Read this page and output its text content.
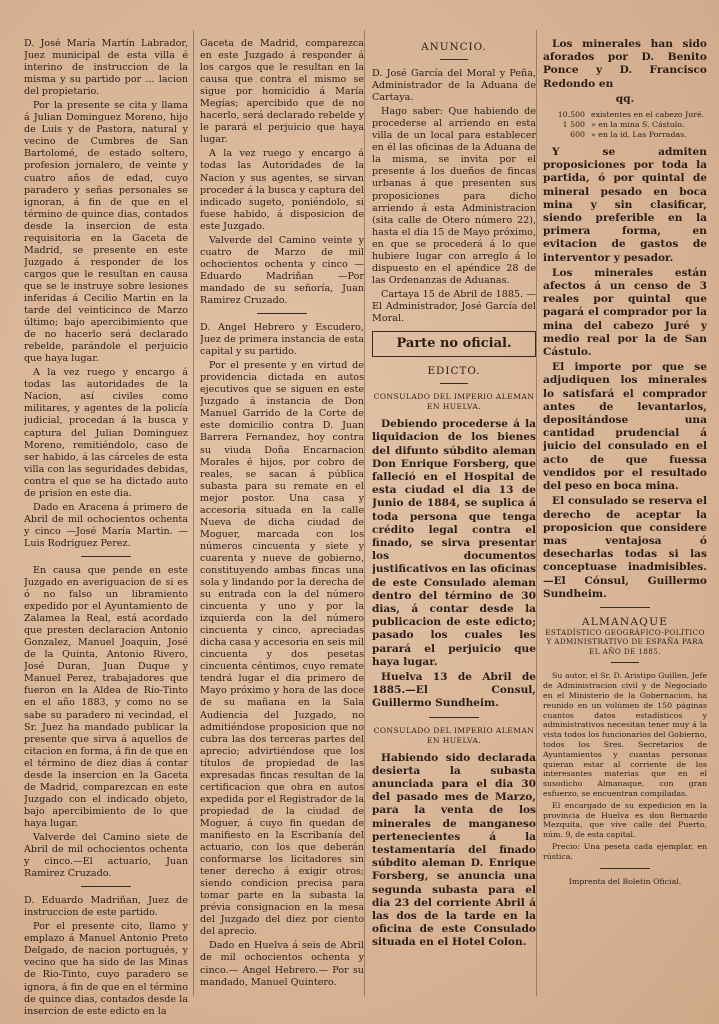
D. José María Martín Labrador, Juez municipal de esta villa é interino de instruccion de la misma y su partido por ... lacion del propietario.

Por la presente se cita y llama á Julian Dominguez Moreno, hijo de Luis y de Pastora, natural y vecino de Cumbres de San Bartolomé, de estado soltero, profesion jornalero, de veinte y cuatro años de edad, cuyo paradero y señas personales se ignoran, á fin de que en el término de quince dias, contados desde la insercion de esta requisitoria en la Gaceta de Madrid, se presente en este Juzgado á responder de los cargos que le resultan en causa que se le instruye sobre lesiones inferidas á Cecilio Martin en la tarde del veinticinco de Marzo último; bajo apercibimiento que de no hacerlo será declarado rebelde, parándole el perjuicio que haya lugar.

A la vez ruego y encargo á todas las autoridades de la Nacion, así civiles como militares, y agentes de la policía judicial, procedan á la busca y captura del Julian Dominguez Moreno, remitiéndolo, caso de ser habido, á las cárceles de esta villa con las seguridades debidas, contra el que se ha dictado auto de prision en este dia.

Dado en Aracena á primero de Abril de mil ochocientos ochenta y cinco —José María Martin. —Luis Rodriguez Perez.

En causa que pende en este Juzgado en averiguacion de si es ó no falso un libramiento expedido por el Ayuntamiento de Zalamea la Real, está acordado que presten declaracion Antonio Gonzalez, Manuel Joaquin, José de la Quinta, Antonio Rivero, José Duran, Juan Duque y Manuel Perez, trabajadores que fueron en la Aldea de Rio-Tinto en el año 1883, y como no se sabe su paradero ni vecindad, el Sr. Juez ha mandado publicar la presente que sirva á aquellos de citacion en forma, á fin de que en el término de diez dias á contar desde la insercion en la Gaceta de Madrid, comparezcan en este Juzgado con el indicado objeto, bajo apercibimiento de lo que haya lugar.

Valverde del Camino siete de Abril de mil ochocientos ochenta y cinco.—El actuario, Juan Ramirez Cruzado.

D. Eduardo Madriñan, Juez de instruccion de este partido.

Por el presente cito, llamo y emplazo á Manuel Antonio Preto Delgado, de nacion portugués, y vecino que ha sido de las Minas de Rio-Tinto, cuyo paradero se ignora, á fin de que en el término de quince dias, contados desde la insercion de este edicto en la

Gaceta de Madrid, comparezca en este Juzgado á responder á los cargos que le resultan en la causa que contra el mismo se sigue por homicidio á María Megías; apercibido que de no hacerlo, será declarado rebelde y le parará el perjuicio que haya lugar.

A la vez ruego y encargo á todas las Autoridades de la Nacion y sus agentes, se sirvan proceder á la busca y captura del indicado sugeto, poniéndolo, si fuese habido, á disposicion de este Juzgado.

Valverde del Camino veinte y cuatro de Marzo de mil ochocientos ochenta y cinco —Eduardo Madriñan —Por mandado de su señoría, Juan Ramirez Cruzado.

D. Angel Hebrero y Escudero, Juez de primera instancia de esta capital y su partido.

Por el presente y en virtud de providencia dictada en autos ejecutivos que se siguen en este Juzgado á instancia de Don Manuel Garrido de la Corte de este domicilio contra D. Juan Barrera Fernandez, hoy contra su viuda Doña Encarnacion Morales é hijos, por cobro de reales, se sacan á pública subasta para su remate en el mejor postor. Una casa y accesoria situada en la calle Nueva de dicha ciudad de Moguer, marcada con los números cincuenta y siete y cuarenta y nueve de gobierno, constituyendo ambas fincas una sola y lindando por la derecha de su entrada con la del número cincuenta y uno y por la izquierda con la del número cincuenta y cinco, apreciadas dicha casa y accesoria en seis mil cincuenta y dos pesetas cincuenta céntimos, cuyo remate tendrá lugar el dia primero de Mayo próximo y hora de las doce de su mañana en la Sala Audiencia del Juzgado, no admitiéndose proposicion que no cubra las dos terceras partes del aprecio; advirtiéndose que los títulos de propiedad de las expresadas fincas resultan de la certificacion que obra en autos expedida por el Registrador de la propiedad de la ciudad de Moguer, á cuyo fin quedan de manifiesto en la Escribanía del actuario, con los que deberán conformarse los licitadores sin tener derecho á exigir otros; siendo condicion precisa para tomar parte en la subasta la prévia consignacion en la mesa del Juzgado del diez por ciento del aprecio.

Dado en Huelva á seis de Abril de mil ochocientos ochenta y cinco.— Angel Hebrero.— Por su mandado, Manuel Quintero.

ANUNCIO.

D. José García del Moral y Peña, Administrador de la Aduana de Cartaya.

Hago saber: Que habiendo de procederse al arriendo en esta villa de un local para establecer en él las oficinas de la Aduana de la misma, se invita por el presente á los dueños de fincas urbanas á que presenten sus proposiciones para dicho arriendo á esta Administracion (sita calle de Otero número 22), hasta el dia 15 de Mayo próximo, en que se procederá á lo que hubiere lugar con arreglo á lo dispuesto en el apéndice 28 de las Ordenanzas de Aduanas.

Cartaya 15 de Abril de 1885. —El Administrador, José García del Moral.

Parte no oficial.
EDICTO.
CONSULADO DEL IMPERIO ALEMAN
EN HUELVA.

Debiendo procederse á la liquidacion de los bienes del difunto súbdito aleman Don Enrique Forsberg, que falleció en el Hospital de esta ciudad el dia 13 de Junio de 1884, se suplica á toda persona que tenga crédito legal contra el finado, se sirva presentar los documentos justificativos en las oficinas de este Consulado aleman dentro del término de 30 dias, á contar desde la publicacion de este edicto; pasado los cuales les parará el perjuicio que haya lugar.

Huelva 13 de Abril de 1885.—El Consul, Guillermo Sundheim.

CONSULADO DEL IMPERIO ALEMAN
EN HUELVA.

Habiendo sido declarada desierta la subasta anunciada para el dia 30 del pasado mes de Marzo, para la venta de los minerales de manganeso pertenecientes á la testamentaría del finado súbdito aleman D. Enrique Forsberg, se anuncia una segunda subasta para el dia 23 del corriente Abril á las dos de la tarde en la oficina de este Consulado situada en el Hotel Colon.

Los minerales han sido aforados por D. Benito Ponce y D. Francisco Redondo en

qq.
10.500 existentes en el cabezo Juré.
1 500 » en la mina S. Cástulo.
600 » en la id. Las Porradas.

Y se admiten proposiciones por toda la partida, ó por quintal de mineral pesado en boca mina y sin clasificar, siendo preferible en la primera forma, en evitacion de gastos de interventor y pesador.

Los minerales están afectos á un censo de 3 reales por quintal que pagará el comprador por la mina del cabezo Juré y medio real por la de San Cástulo.

El importe por que se adjudiquen los minerales lo satisfará el comprador antes de levantarlos, depositándose una cantidad prudencial á juicio del consulado en el acto de que fuessa vendidos por el resultado del peso en boca mina.

El consulado se reserva el derecho de aceptar la proposicion que considere mas ventajosa ó desecharlas todas si las conceptuase inadmisibles. —El Cónsul, Guillermo Sundheim.

ALMANAQUE
ESTADÍSTICO GEOGRÁFICO-POLÍTICO Y ADMINISTRATIVO DE ESPAÑA PARA EL AÑO DE 1885.

Su autor, el Sr. D. Aristipo Guillen, Jefe de Administracion civil y de Negociado en el Ministerio de la Gobernacion, ha reunido en un volúmen de 150 páginas cuantos datos estadísticos y administrativos necesitan tener muy á la vista todos los funcionarios del Gobierno, todos los Sres. Secretarios de Ayuntamientos y cuantas personas quieran estar al corriente de los interesantes materias que en el susodicho Almanaque, con gran esfuerzo, se encuentran compiladas.

El encargado de su expedicion en la provincia de Huelva es don Bernardo Mezquita, que vive calle del Puerto, núm. 9, de esta capital.

Precio: Una peseta cada ejemplar, en rústica.

Imprenta del Boletin Oficial.
